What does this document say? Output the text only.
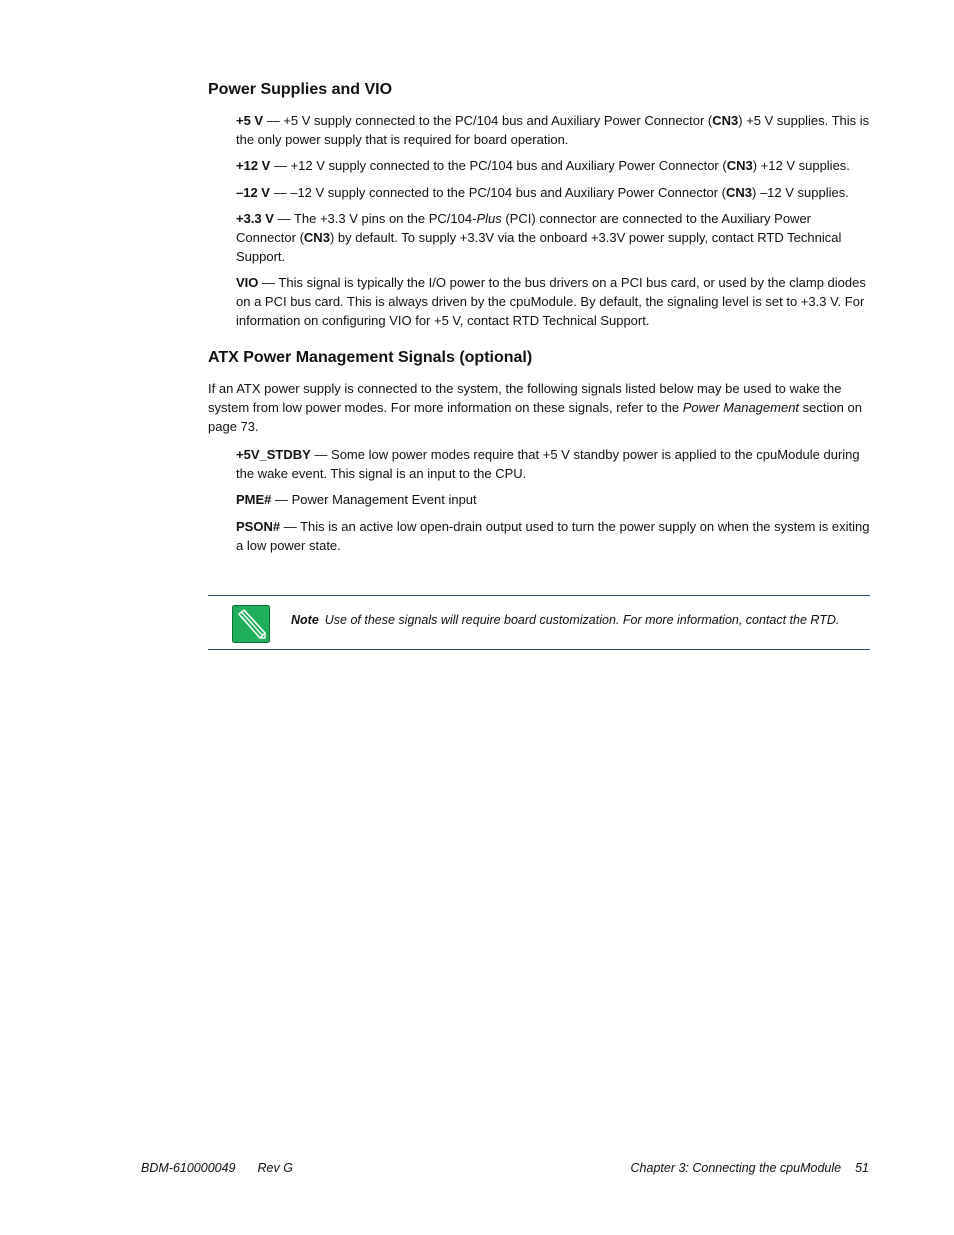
Power Supplies and VIO

+5 V — +5 V supply connected to the PC/104 bus and Auxiliary Power Connector (CN3) +5 V supplies. This is the only power supply that is required for board operation.

+12 V — +12 V supply connected to the PC/104 bus and Auxiliary Power Connector (CN3) +12 V supplies.

–12 V — –12 V supply connected to the PC/104 bus and Auxiliary Power Connector (CN3) –12 V supplies.

+3.3 V — The +3.3 V pins on the PC/104-Plus (PCI) connector are connected to the Auxiliary Power Connector (CN3) by default. To supply +3.3V via the onboard +3.3V power supply, contact RTD Technical Support.

VIO — This signal is typically the I/O power to the bus drivers on a PCI bus card, or used by the clamp diodes on a PCI bus card. This is always driven by the cpuModule. By default, the signaling level is set to +3.3 V. For information on configuring VIO for +5 V, contact RTD Technical Support.

ATX Power Management Signals (optional)

If an ATX power supply is connected to the system, the following signals listed below may be used to wake the system from low power modes. For more information on these signals, refer to the Power Management section on page 73.

+5V_STDBY — Some low power modes require that +5 V standby power is applied to the cpuModule during the wake event. This signal is an input to the CPU.

PME# — Power Management Event input

PSON# — This is an active low open-drain output used to turn the power supply on when the system is exiting a low power state.

Note Use of these signals will require board customization. For more information, contact the RTD.
BDM-610000049 Rev G	Chapter 3: Connecting the cpuModule 51
